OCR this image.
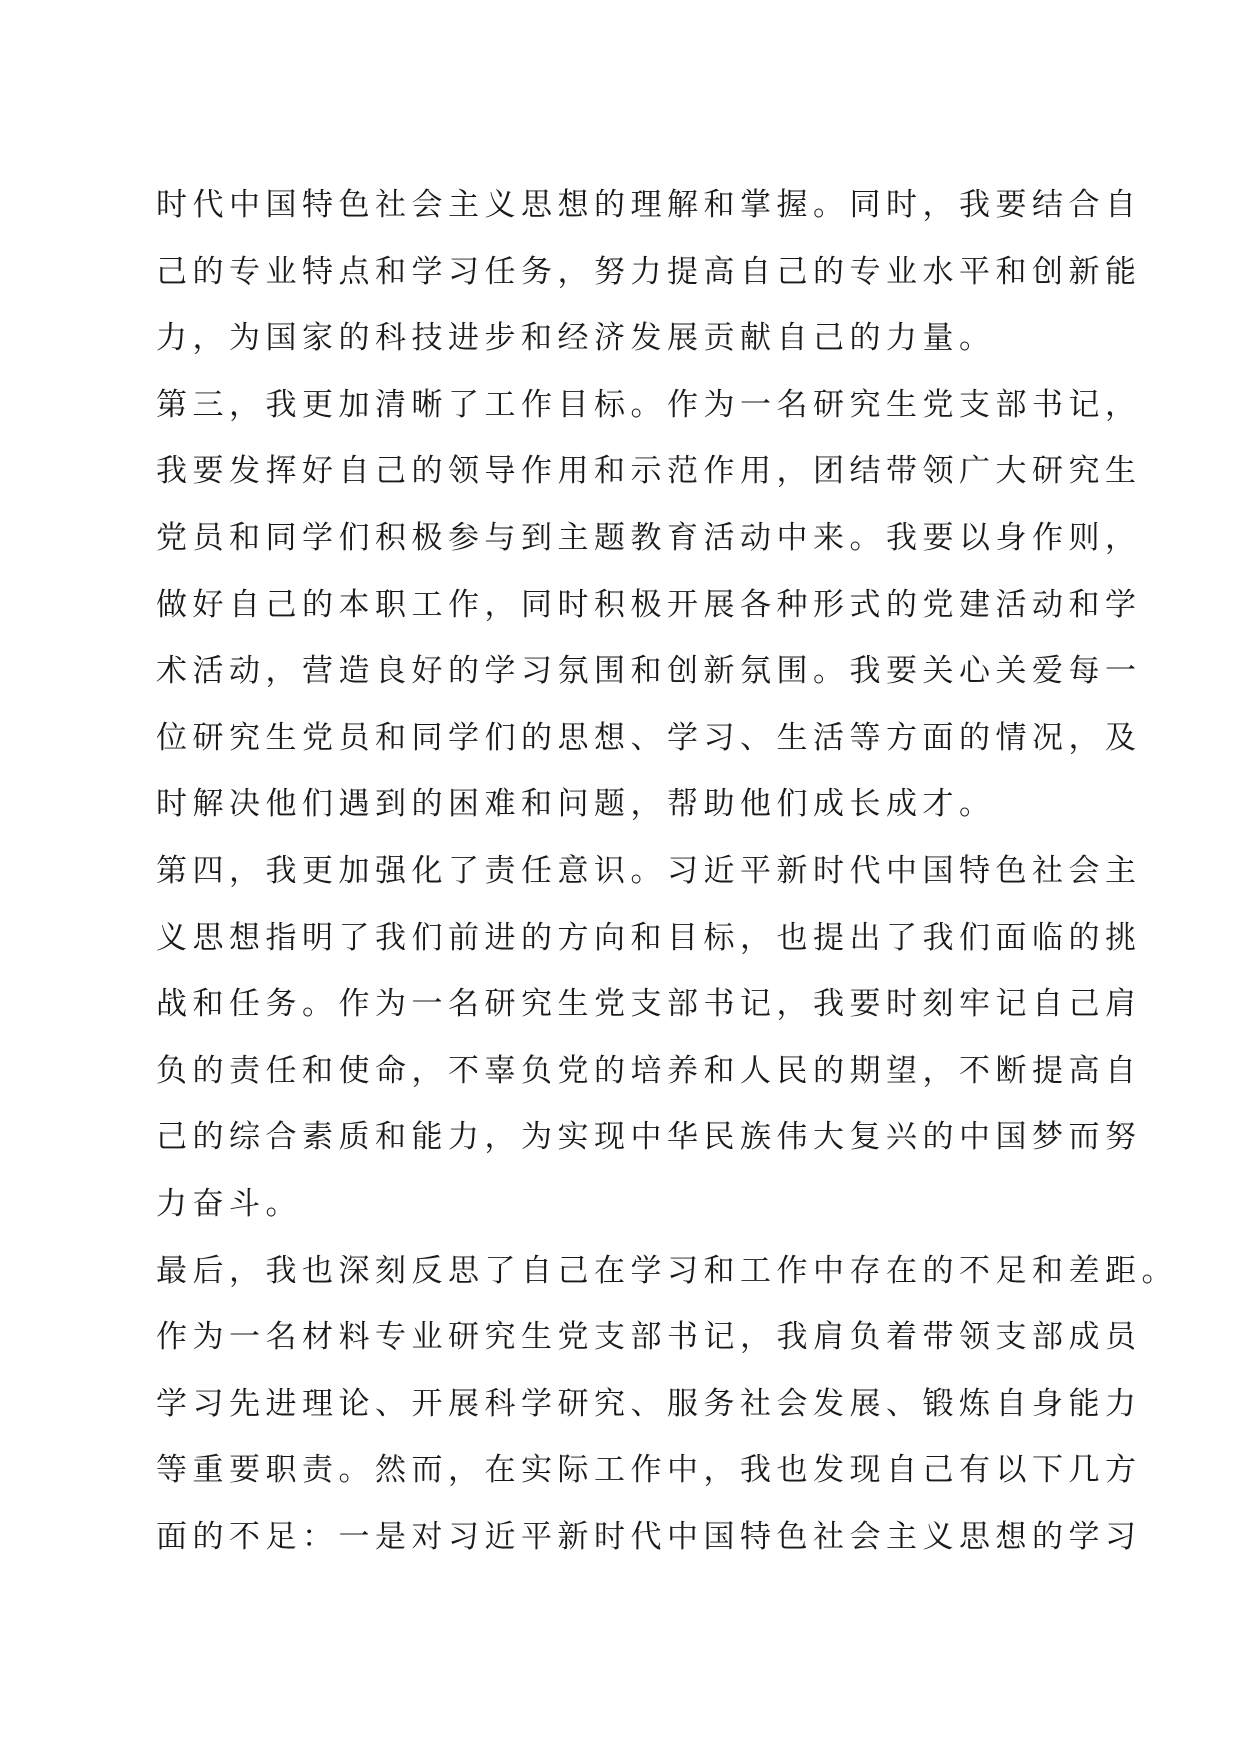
时代中国特色社会主义思想的理解和掌握。同时，我要结合自
己的专业特点和学习任务，努力提高自己的专业水平和创新能
力，为国家的科技进步和经济发展贡献自己的力量。
第三，我更加清晰了工作目标。作为一名研究生党支部书记，
我要发挥好自己的领导作用和示范作用，团结带领广大研究生
党员和同学们积极参与到主题教育活动中来。我要以身作则，
做好自己的本职工作，同时积极开展各种形式的党建活动和学
术活动，营造良好的学习氛围和创新氛围。我要关心关爱每一
位研究生党员和同学们的思想、学习、生活等方面的情况，及
时解决他们遇到的困难和问题，帮助他们成长成才。
第四，我更加强化了责任意识。习近平新时代中国特色社会主
义思想指明了我们前进的方向和目标，也提出了我们面临的挑
战和任务。作为一名研究生党支部书记，我要时刻牢记自己肩
负的责任和使命，不辜负党的培养和人民的期望，不断提高自
己的综合素质和能力，为实现中华民族伟大复兴的中国梦而努
力奋斗。
最后，我也深刻反思了自己在学习和工作中存在的不足和差距。
作为一名材料专业研究生党支部书记，我肩负着带领支部成员
学习先进理论、开展科学研究、服务社会发展、锻炼自身能力
等重要职责。然而，在实际工作中，我也发现自己有以下几方
面的不足：一是对习近平新时代中国特色社会主义思想的学习
